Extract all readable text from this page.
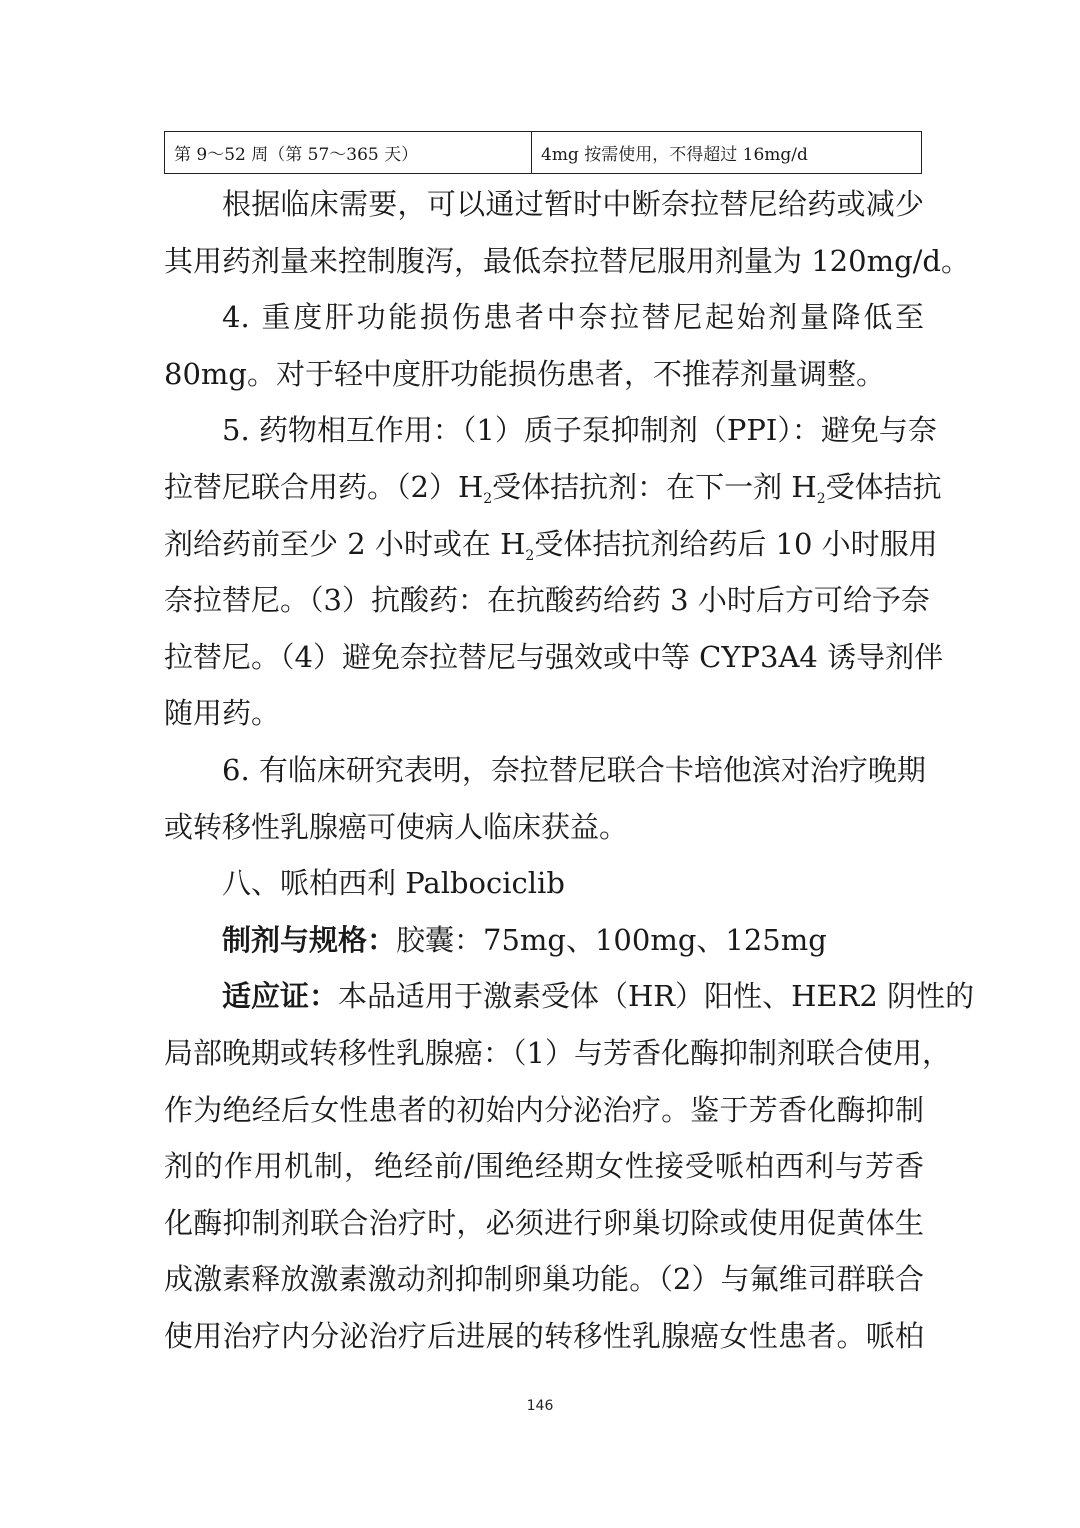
第 9～52 周（第 57～365 天）	4mg 按需使用，不得超过 16mg/d
根据临床需要，可以通过暂时中断奈拉替尼给药或减少
其用药剂量来控制腹泻，最低奈拉替尼服用剂量为 120mg/d。
4. 重度肝功能损伤患者中奈拉替尼起始剂量降低至
80mg。对于轻中度肝功能损伤患者，不推荐剂量调整。
5. 药物相互作用：（1）质子泵抑制剂（PPI）：避免与奈
拉替尼联合用药。$(2)H_2$受体拮抗剂：在下一剂 $H_2$受体拮抗
剂给药前至少 2 小时或在 $H_2$受体拮抗剂给药后 10 小时服用
奈拉替尼。（3）抗酸药：在抗酸药给药 3 小时后方可给予奈
拉替尼。（4）避免奈拉替尼与强效或中等 CYP3A4 诱导剂伴
随用药。
6. 有临床研究表明，奈拉替尼联合卡培他滨对治疗晚期
或转移性乳腺癌可使病人临床获益。
八、哌柏西利 Palbociclib
制剂与规格：胶囊：75mg、100mg、125mg
适应证：本品适用于激素受体（HR）阳性、HER2 阴性的
局部晚期或转移性乳腺癌：（1）与芳香化酶抑制剂联合使用，
作为绝经后女性患者的初始内分泌治疗。鉴于芳香化酶抑制
剂的作用机制，绝经前/围绝经期女性接受哌柏西利与芳香
化酶抑制剂联合治疗时，必须进行卵巢切除或使用促黄体生
成激素释放激素激动剂抑制卵巢功能。（2）与氟维司群联合
使用治疗内分泌治疗后进展的转移性乳腺癌女性患者。哌柏
146
